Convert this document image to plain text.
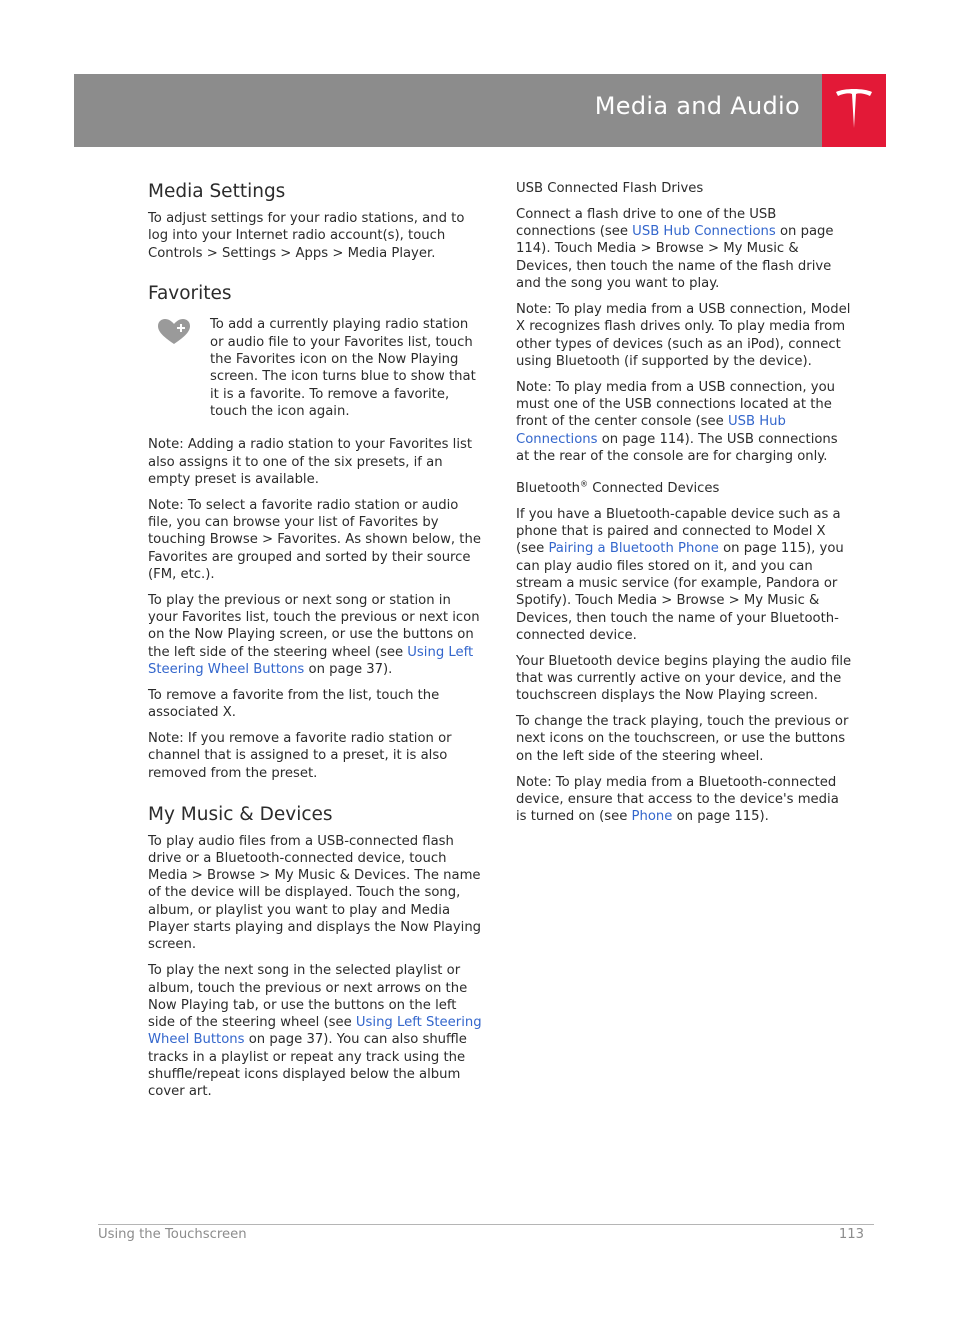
Media and Audio
Media Settings

To adjust settings for your radio stations, and to log into your Internet radio account(s), touch Controls > Settings > Apps > Media Player.

Favorites

To add a currently playing radio station or audio file to your Favorites list, touch the Favorites icon on the Now Playing screen. The icon turns blue to show that it is a favorite. To remove a favorite, touch the icon again.

Note: Adding a radio station to your Favorites list also assigns it to one of the six presets, if an empty preset is available.

Note: To select a favorite radio station or audio file, you can browse your list of Favorites by touching Browse > Favorites. As shown below, the Favorites are grouped and sorted by their source (FM, etc.).

To play the previous or next song or station in your Favorites list, touch the previous or next icon on the Now Playing screen, or use the buttons on the left side of the steering wheel (see Using Left Steering Wheel Buttons on page 37).

To remove a favorite from the list, touch the associated X.

Note: If you remove a favorite radio station or channel that is assigned to a preset, it is also removed from the preset.

My Music & Devices

To play audio files from a USB-connected flash drive or a Bluetooth-connected device, touch Media > Browse > My Music & Devices. The name of the device will be displayed. Touch the song, album, or playlist you want to play and Media Player starts playing and displays the Now Playing screen.

To play the next song in the selected playlist or album, touch the previous or next arrows on the Now Playing tab, or use the buttons on the left side of the steering wheel (see Using Left Steering Wheel Buttons on page 37). You can also shuffle tracks in a playlist or repeat any track using the shuffle/repeat icons displayed below the album cover art.

USB Connected Flash Drives

Connect a flash drive to one of the USB connections (see USB Hub Connections on page 114). Touch Media > Browse > My Music & Devices, then touch the name of the flash drive and the song you want to play.

Note: To play media from a USB connection, Model X recognizes flash drives only. To play media from other types of devices (such as an iPod), connect using Bluetooth (if supported by the device).

Note: To play media from a USB connection, you must one of the USB connections located at the front of the center console (see USB Hub Connections on page 114). The USB connections at the rear of the console are for charging only.

Bluetooth® Connected Devices

If you have a Bluetooth-capable device such as a phone that is paired and connected to Model X (see Pairing a Bluetooth Phone on page 115), you can play audio files stored on it, and you can stream a music service (for example, Pandora or Spotify). Touch Media > Browse > My Music & Devices, then touch the name of your Bluetooth-connected device.

Your Bluetooth device begins playing the audio file that was currently active on your device, and the touchscreen displays the Now Playing screen.

To change the track playing, touch the previous or next icons on the touchscreen, or use the buttons on the left side of the steering wheel.

Note: To play media from a Bluetooth-connected device, ensure that access to the device's media is turned on (see Phone on page 115).

Using the Touchscreen	113
